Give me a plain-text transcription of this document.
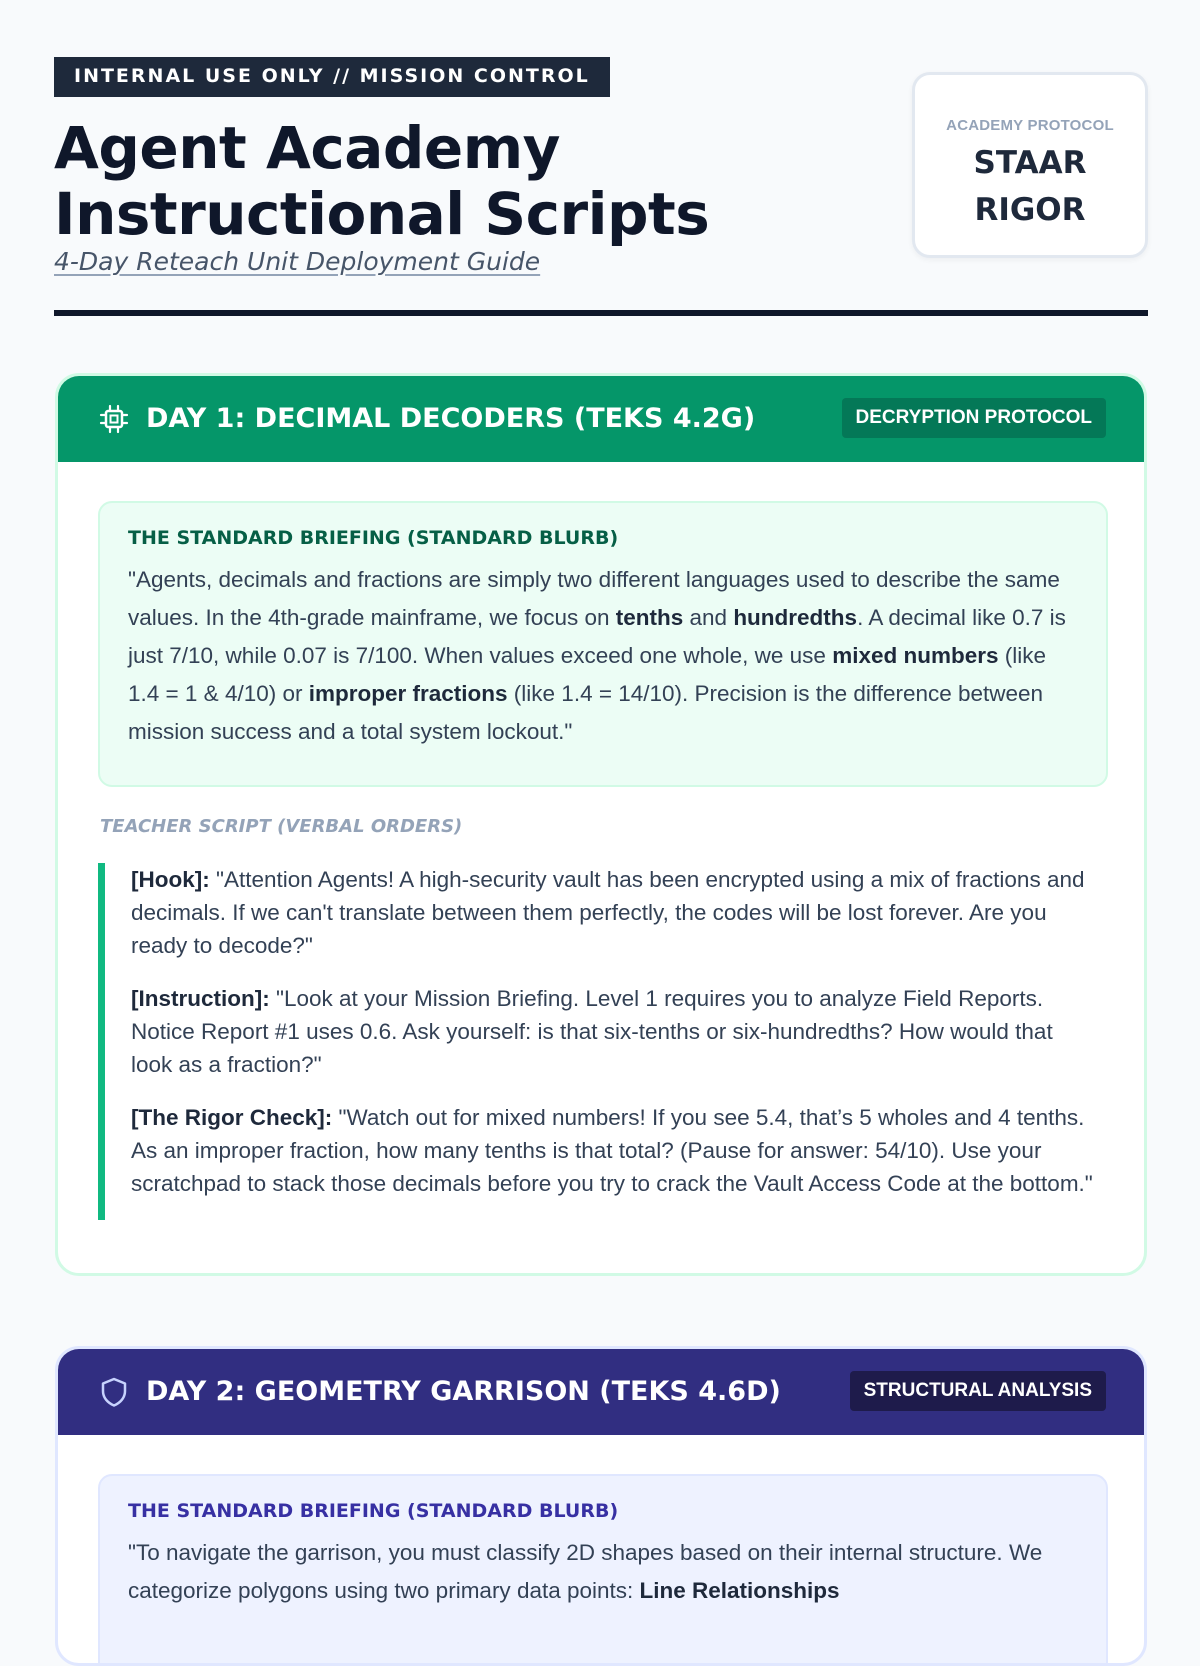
INTERNAL USE ONLY // MISSION CONTROL
Agent Academy Instructional Scripts

4-Day Reteach Unit Deployment Guide

ACADEMY PROTOCOL
STAAR RIGOR
DAY 1: DECIMAL DECODERS (TEKS 4.2G)	DECRYPTION PROTOCOL

THE STANDARD BRIEFING (STANDARD BLURB)

"Agents, decimals and fractions are simply two different languages used to describe the same values. In the 4th-grade mainframe, we focus on tenths and hundredths. A decimal like 0.7 is just 7/10, while 0.07 is 7/100. When values exceed one whole, we use mixed numbers (like 1.4 = 1 & 4/10) or improper fractions (like 1.4 = 14/10). Precision is the difference between mission success and a total system lockout."

TEACHER SCRIPT (VERBAL ORDERS)

[Hook]: "Attention Agents! A high-security vault has been encrypted using a mix of fractions and decimals. If we can't translate between them perfectly, the codes will be lost forever. Are you ready to decode?"

[Instruction]: "Look at your Mission Briefing. Level 1 requires you to analyze Field Reports. Notice Report #1 uses 0.6. Ask yourself: is that six-tenths or six-hundredths? How would that look as a fraction?"

[The Rigor Check]: "Watch out for mixed numbers! If you see 5.4, that’s 5 wholes and 4 tenths. As an improper fraction, how many tenths is that total? (Pause for answer: 54/10). Use your scratchpad to stack those decimals before you try to crack the Vault Access Code at the bottom."

DAY 2: GEOMETRY GARRISON (TEKS 4.6D)	STRUCTURAL ANALYSIS

THE STANDARD BRIEFING (STANDARD BLURB)

"To navigate the garrison, you must classify 2D shapes based on their internal structure. We categorize polygons using two primary data points: Line Relationships
